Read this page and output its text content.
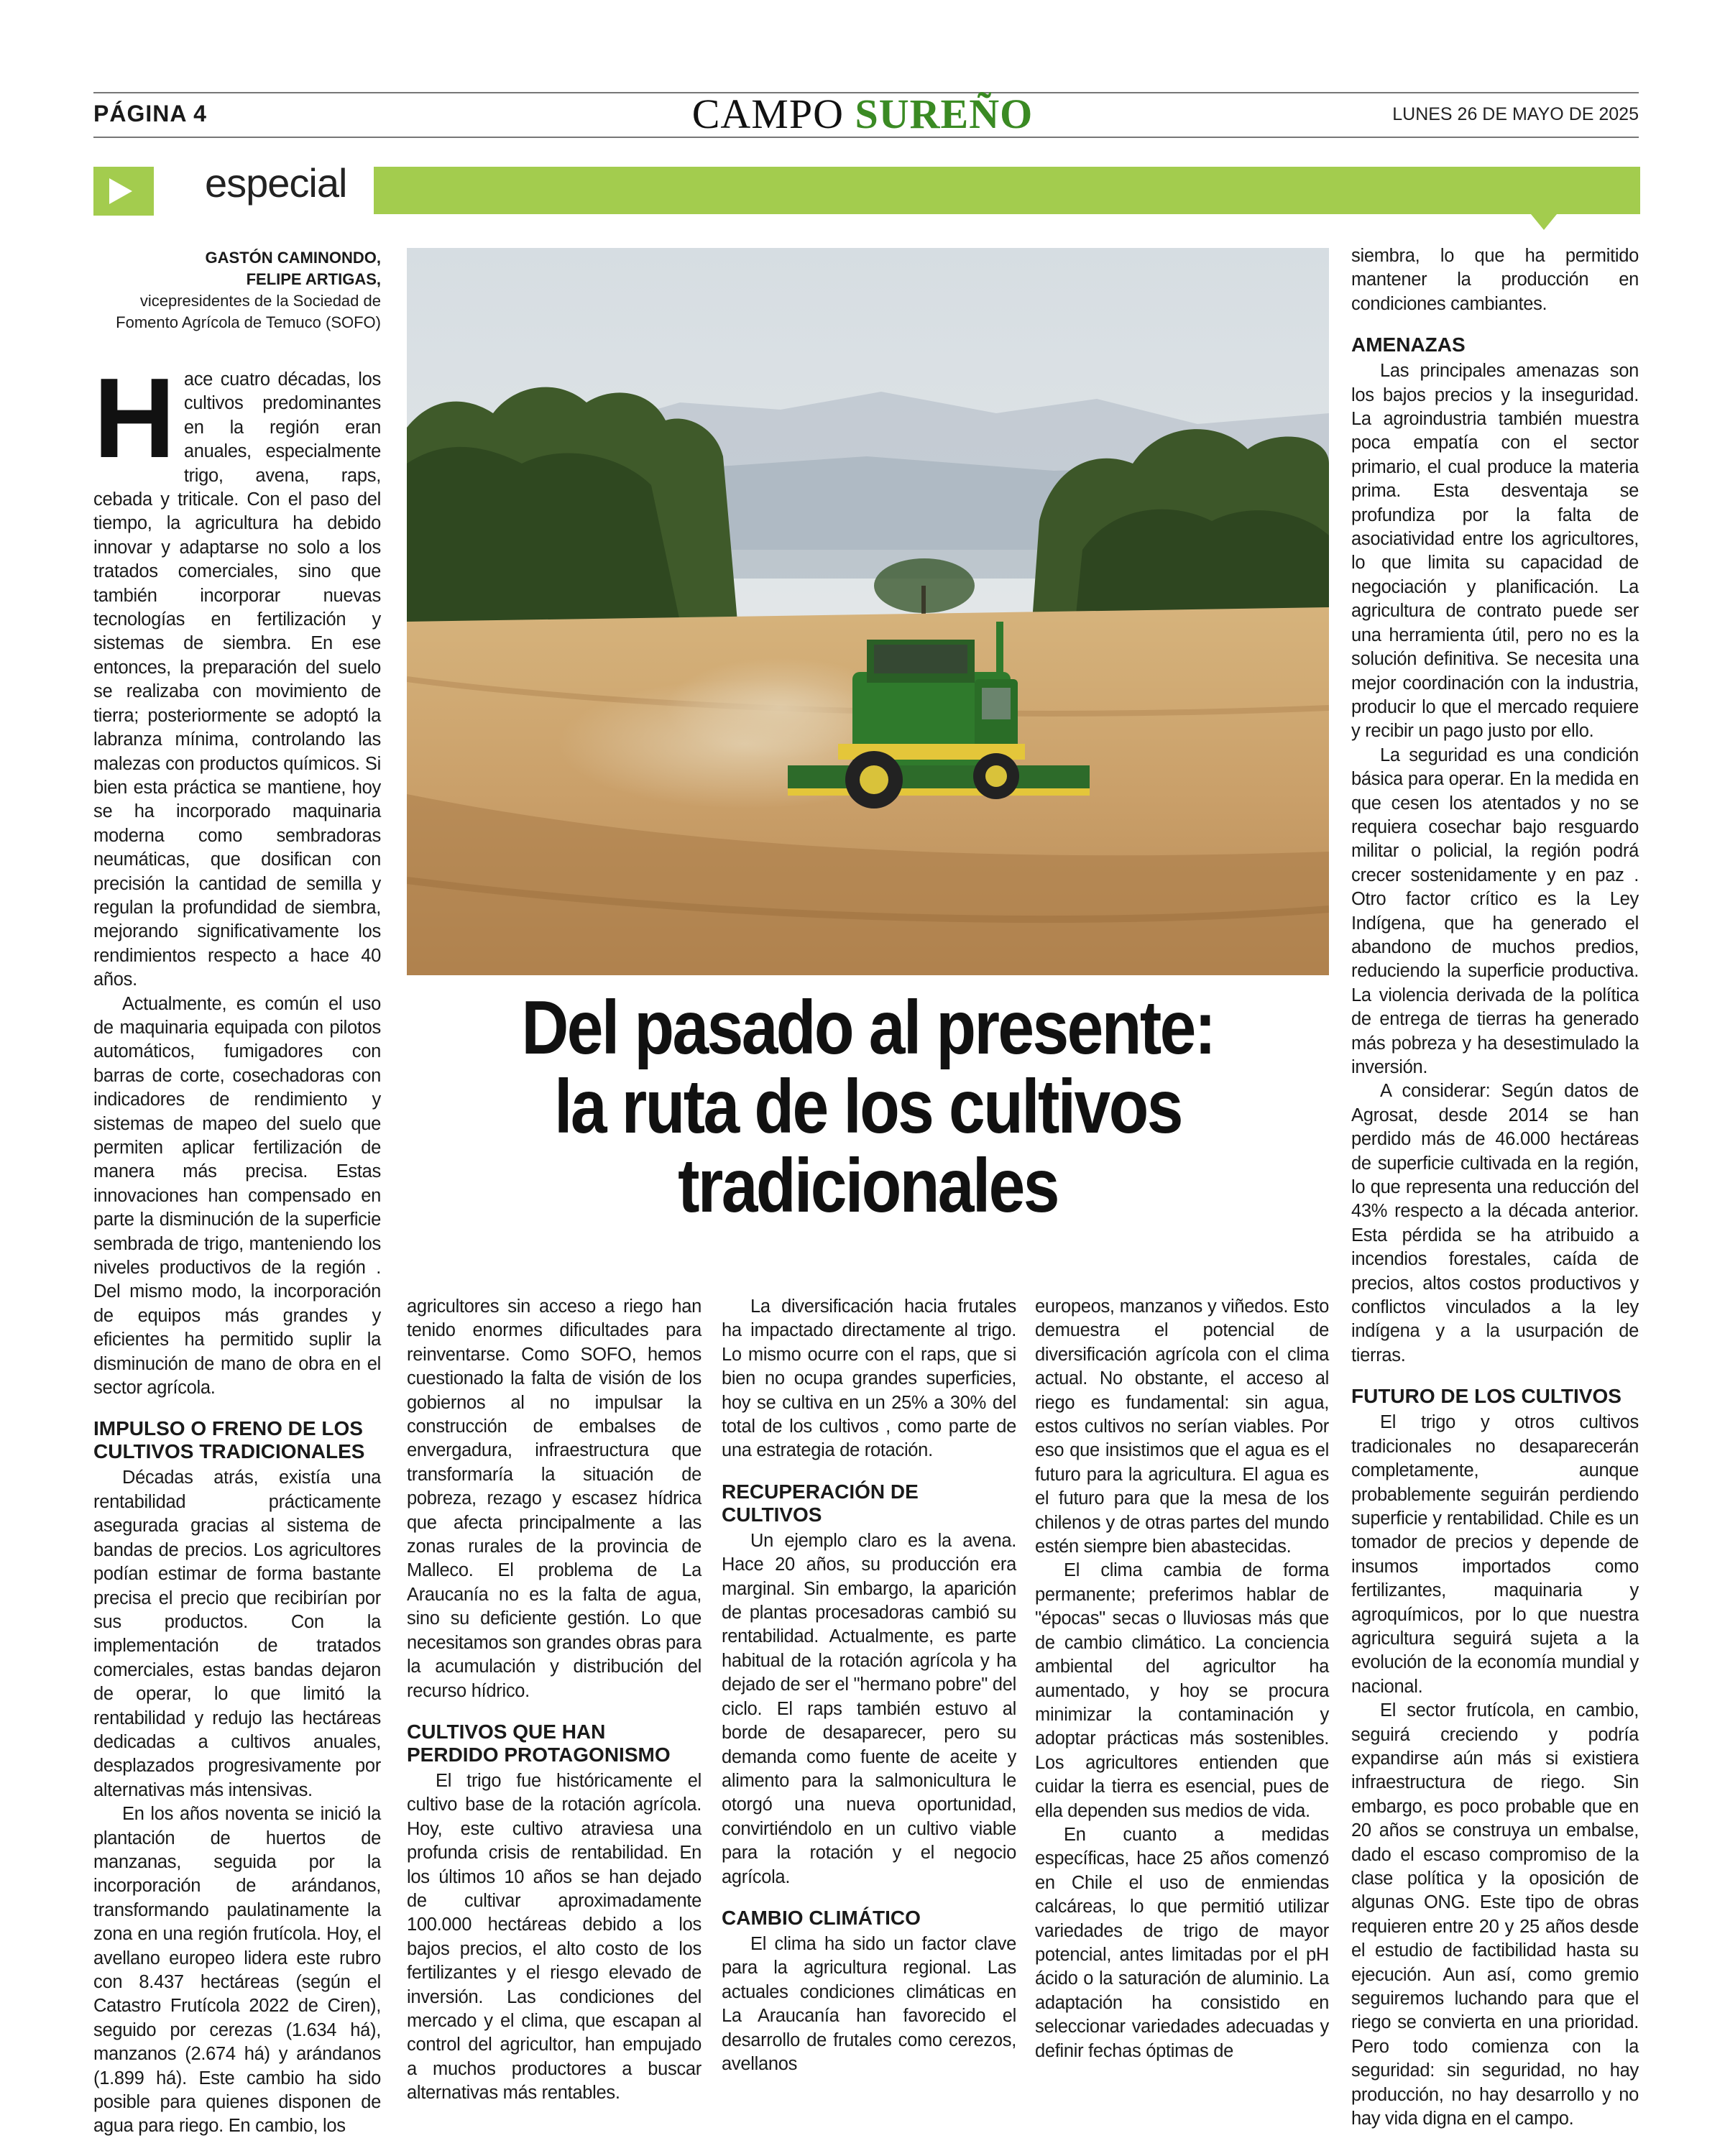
PÁGINA 4	CAMPO SUREÑO	LUNES 26 DE MAYO DE 2025
especial
GASTÓN CAMINONDO,
FELIPE ARTIGAS,
vicepresidentes de la Sociedad de Fomento Agrícola de Temuco (SOFO)
Del pasado al presente:
la ruta de los cultivos
tradicionales

Hace cuatro décadas, los cultivos predominantes en la región eran anuales, especialmente trigo, avena, raps, cebada y triticale. Con el paso del tiempo, la agricultura ha debido innovar y adaptarse no solo a los tratados comerciales, sino que también incorporar nuevas tecnologías en fertilización y sistemas de siembra. En ese entonces, la preparación del suelo se realizaba con movimiento de tierra; posteriormente se adoptó la labranza mínima, controlando las malezas con productos químicos. Si bien esta práctica se mantiene, hoy se ha incorporado maquinaria moderna como sembradoras neumáticas, que dosifican con precisión la cantidad de semilla y regulan la profundidad de siembra, mejorando significativamente los rendimientos respecto a hace 40 años.

Actualmente, es común el uso de maquinaria equipada con pilotos automáticos, fumigadores con barras de corte, cosechadoras con indicadores de rendimiento y sistemas de mapeo del suelo que permiten aplicar fertilización de manera más precisa. Estas innovaciones han compensado en parte la disminución de la superficie sembrada de trigo, manteniendo los niveles productivos de la región . Del mismo modo, la incorporación de equipos más grandes y eficientes ha permitido suplir la disminución de mano de obra en el sector agrícola.

IMPULSO O FRENO DE LOS CULTIVOS TRADICIONALES

Décadas atrás, existía una rentabilidad prácticamente asegurada gracias al sistema de bandas de precios. Los agricultores podían estimar de forma bastante precisa el precio que recibirían por sus productos. Con la implementación de tratados comerciales, estas bandas dejaron de operar, lo que limitó la rentabilidad y redujo las hectáreas dedicadas a cultivos anuales, desplazados progresivamente por alternativas más intensivas.

En los años noventa se inició la plantación de huertos de manzanas, seguida por la incorporación de arándanos, transformando paulatinamente la zona en una región frutícola. Hoy, el avellano europeo lidera este rubro con 8.437 hectáreas (según el Catastro Frutícola 2022 de Ciren), seguido por cerezas (1.634 há), manzanos (2.674 há) y arándanos (1.899 há). Este cambio ha sido posible para quienes disponen de agua para riego. En cambio, los

agricultores sin acceso a riego han tenido enormes dificultades para reinventarse. Como SOFO, hemos cuestionado la falta de visión de los gobiernos al no impulsar la construcción de embalses de envergadura, infraestructura que transformaría la situación de pobreza, rezago y escasez hídrica que afecta principalmente a las zonas rurales de la provincia de Malleco. El problema de La Araucanía no es la falta de agua, sino su deficiente gestión. Lo que necesitamos son grandes obras para la acumulación y distribución del recurso hídrico.

CULTIVOS QUE HAN PERDIDO PROTAGONISMO

El trigo fue históricamente el cultivo base de la rotación agrícola. Hoy, este cultivo atraviesa una profunda crisis de rentabilidad. En los últimos 10 años se han dejado de cultivar aproximadamente 100.000 hectáreas debido a los bajos precios, el alto costo de los fertilizantes y el riesgo elevado de inversión. Las condiciones del mercado y el clima, que escapan al control del agricultor, han empujado a muchos productores a buscar alternativas más rentables.

La diversificación hacia frutales ha impactado directamente al trigo. Lo mismo ocurre con el raps, que si bien no ocupa grandes superficies, hoy se cultiva en un 25% a 30% del total de los cultivos , como parte de una estrategia de rotación.

RECUPERACIÓN DE CULTIVOS

Un ejemplo claro es la avena. Hace 20 años, su producción era marginal. Sin embargo, la aparición de plantas procesadoras cambió su rentabilidad. Actualmente, es parte habitual de la rotación agrícola y ha dejado de ser el "hermano pobre" del ciclo. El raps también estuvo al borde de desaparecer, pero su demanda como fuente de aceite y alimento para la salmonicultura le otorgó una nueva oportunidad, convirtiéndolo en un cultivo viable para la rotación y el negocio agrícola.

CAMBIO CLIMÁTICO

El clima ha sido un factor clave para la agricultura regional. Las actuales condiciones climáticas en La Araucanía han favorecido el desarrollo de frutales como cerezos, avellanos

europeos, manzanos y viñedos. Esto demuestra el potencial de diversificación agrícola con el clima actual. No obstante, el acceso al riego es fundamental: sin agua, estos cultivos no serían viables. Por eso que insistimos que el agua es el futuro para la agricultura. El agua es el futuro para que la mesa de los chilenos y de otras partes del mundo estén siempre bien abastecidas.

El clima cambia de forma permanente; preferimos hablar de "épocas" secas o lluviosas más que de cambio climático. La conciencia ambiental del agricultor ha aumentado, y hoy se procura minimizar la contaminación y adoptar prácticas más sostenibles. Los agricultores entienden que cuidar la tierra es esencial, pues de ella dependen sus medios de vida.

En cuanto a medidas específicas, hace 25 años comenzó en Chile el uso de enmiendas calcáreas, lo que permitió utilizar variedades de trigo de mayor potencial, antes limitadas por el pH ácido o la saturación de aluminio. La adaptación ha consistido en seleccionar variedades adecuadas y definir fechas óptimas de

siembra, lo que ha permitido mantener la producción en condiciones cambiantes.

AMENAZAS

Las principales amenazas son los bajos precios y la inseguridad. La agroindustria también muestra poca empatía con el sector primario, el cual produce la materia prima. Esta desventaja se profundiza por la falta de asociatividad entre los agricultores, lo que limita su capacidad de negociación y planificación. La agricultura de contrato puede ser una herramienta útil, pero no es la solución definitiva. Se necesita una mejor coordinación con la industria, producir lo que el mercado requiere y recibir un pago justo por ello.

La seguridad es una condición básica para operar. En la medida en que cesen los atentados y no se requiera cosechar bajo resguardo militar o policial, la región podrá crecer sostenidamente y en paz . Otro factor crítico es la Ley Indígena, que ha generado el abandono de muchos predios, reduciendo la superficie productiva. La violencia derivada de la política de entrega de tierras ha generado más pobreza y ha desestimulado la inversión.

A considerar: Según datos de Agrosat, desde 2014 se han perdido más de 46.000 hectáreas de superficie cultivada en la región, lo que representa una reducción del 43% respecto a la década anterior. Esta pérdida se ha atribuido a incendios forestales, caída de precios, altos costos productivos y conflictos vinculados a la ley indígena y a la usurpación de tierras.

FUTURO DE LOS CULTIVOS

El trigo y otros cultivos tradicionales no desaparecerán completamente, aunque probablemente seguirán perdiendo superficie y rentabilidad. Chile es un tomador de precios y depende de insumos importados como fertilizantes, maquinaria y agroquímicos, por lo que nuestra agricultura seguirá sujeta a la evolución de la economía mundial y nacional.

El sector frutícola, en cambio, seguirá creciendo y podría expandirse aún más si existiera infraestructura de riego. Sin embargo, es poco probable que en 20 años se construya un embalse, dado el escaso compromiso de la clase política y la oposición de algunas ONG. Este tipo de obras requieren entre 20 y 25 años desde el estudio de factibilidad hasta su ejecución. Aun así, como gremio seguiremos luchando para que el riego se convierta en una prioridad. Pero todo comienza con la seguridad: sin seguridad, no hay producción, no hay desarrollo y no hay vida digna en el campo.
